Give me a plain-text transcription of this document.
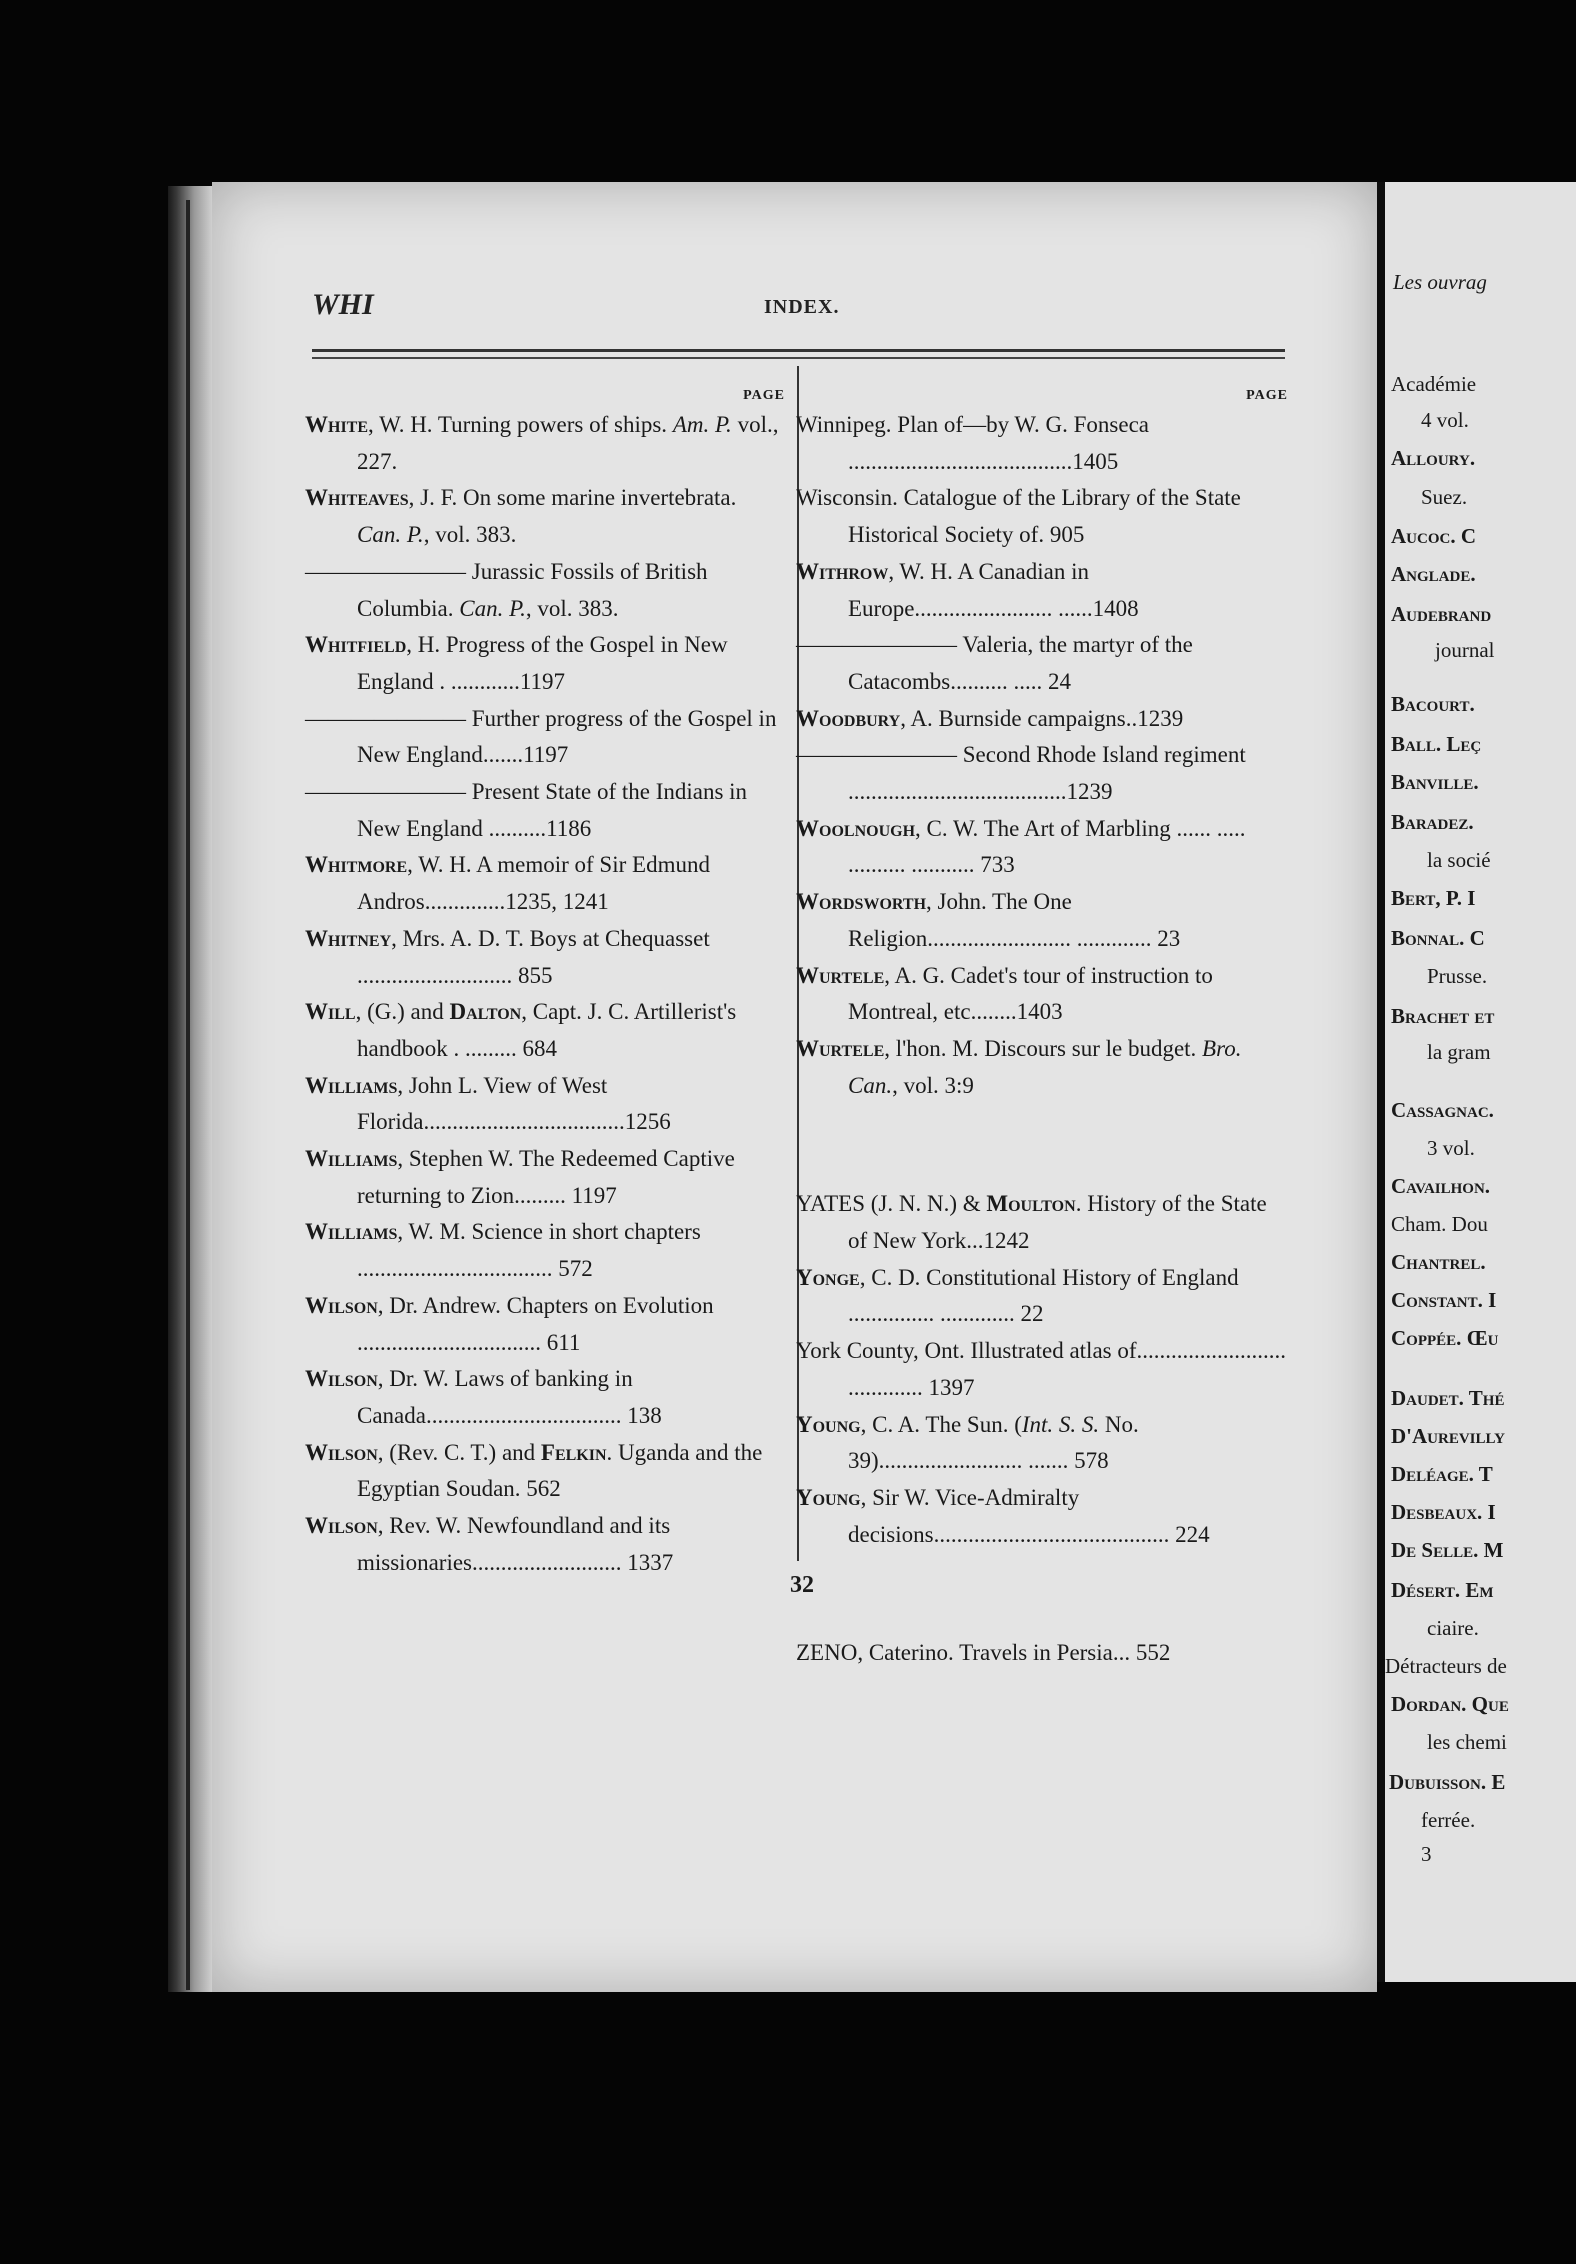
Les ouvrag
Académie
4 vol.
Alloury.
Suez.
Aucoc. C
Anglade.
Audebrand
journal
Bacourt.
Ball. Leç
Banville.
Baradez.
la socié
Bert, P. I
Bonnal. C
Prusse.
Brachet et
la gram
Cassagnac.
3 vol.
Cavailhon.
Cham. Dou
Chantrel.
Constant. I
Coppée. Œu
Daudet. Thé
D'Aurevilly
Deléage. T
Desbeaux. I
De Selle. M
Désert. Em
ciaire.
Détracteurs de
Dordan. Que
les chemi
Dubuisson. E
ferrée.
3
WHI	INDEX.
PAGE

White, W. H. Turning powers of ships. Am. P. vol., 227.

Whiteaves, J. F. On some marine invertebrata. Can. P., vol. 383.

——————— Jurassic Fossils of British Columbia. Can. P., vol. 383.

Whitfield, H. Progress of the Gospel in New England . ............1197

——————— Further progress of the Gospel in New England.......1197

——————— Present State of the Indians in New England ..........1186

Whitmore, W. H. A memoir of Sir Edmund Andros..............1235, 1241

Whitney, Mrs. A. D. T. Boys at Chequasset ........................... 855

Will, (G.) and Dalton, Capt. J. C. Artillerist's handbook . ......... 684

Williams, John L. View of West Florida...................................1256

Williams, Stephen W. The Redeemed Captive returning to Zion......... 1197

Williams, W. M. Science in short chapters .................................. 572

Wilson, Dr. Andrew. Chapters on Evolution ................................ 611

Wilson, Dr. W. Laws of banking in Canada.................................. 138

Wilson, (Rev. C. T.) and Felkin. Uganda and the Egyptian Soudan. 562

Wilson, Rev. W. Newfoundland and its missionaries.......................... 1337

PAGE

Winnipeg. Plan of—by W. G. Fonseca .......................................1405

Wisconsin. Catalogue of the Library of the State Historical Society of. 905

Withrow, W. H. A Canadian in Europe........................ ......1408

——————— Valeria, the martyr of the Catacombs.......... ..... 24

Woodbury, A. Burnside campaigns..1239

——————— Second Rhode Island regiment ......................................1239

Woolnough, C. W. The Art of Marbling ...... ..... .......... ........... 733

Wordsworth, John. The One Religion......................... ............. 23

Wurtele, A. G. Cadet's tour of instruction to Montreal, etc........1403

Wurtele, l'hon. M. Discours sur le budget. Bro. Can., vol. 3:9

YATES (J. N. N.) & Moulton. History of the State of New York...1242

Yonge, C. D. Constitutional History of England ............... ............. 22

York County, Ont. Illustrated atlas of.......................... ............. 1397

Young, C. A. The Sun. (Int. S. S. No. 39)......................... ....... 578

Young, Sir W. Vice-Admiralty decisions......................................... 224

ZENO, Caterino. Travels in Persia... 552

32
